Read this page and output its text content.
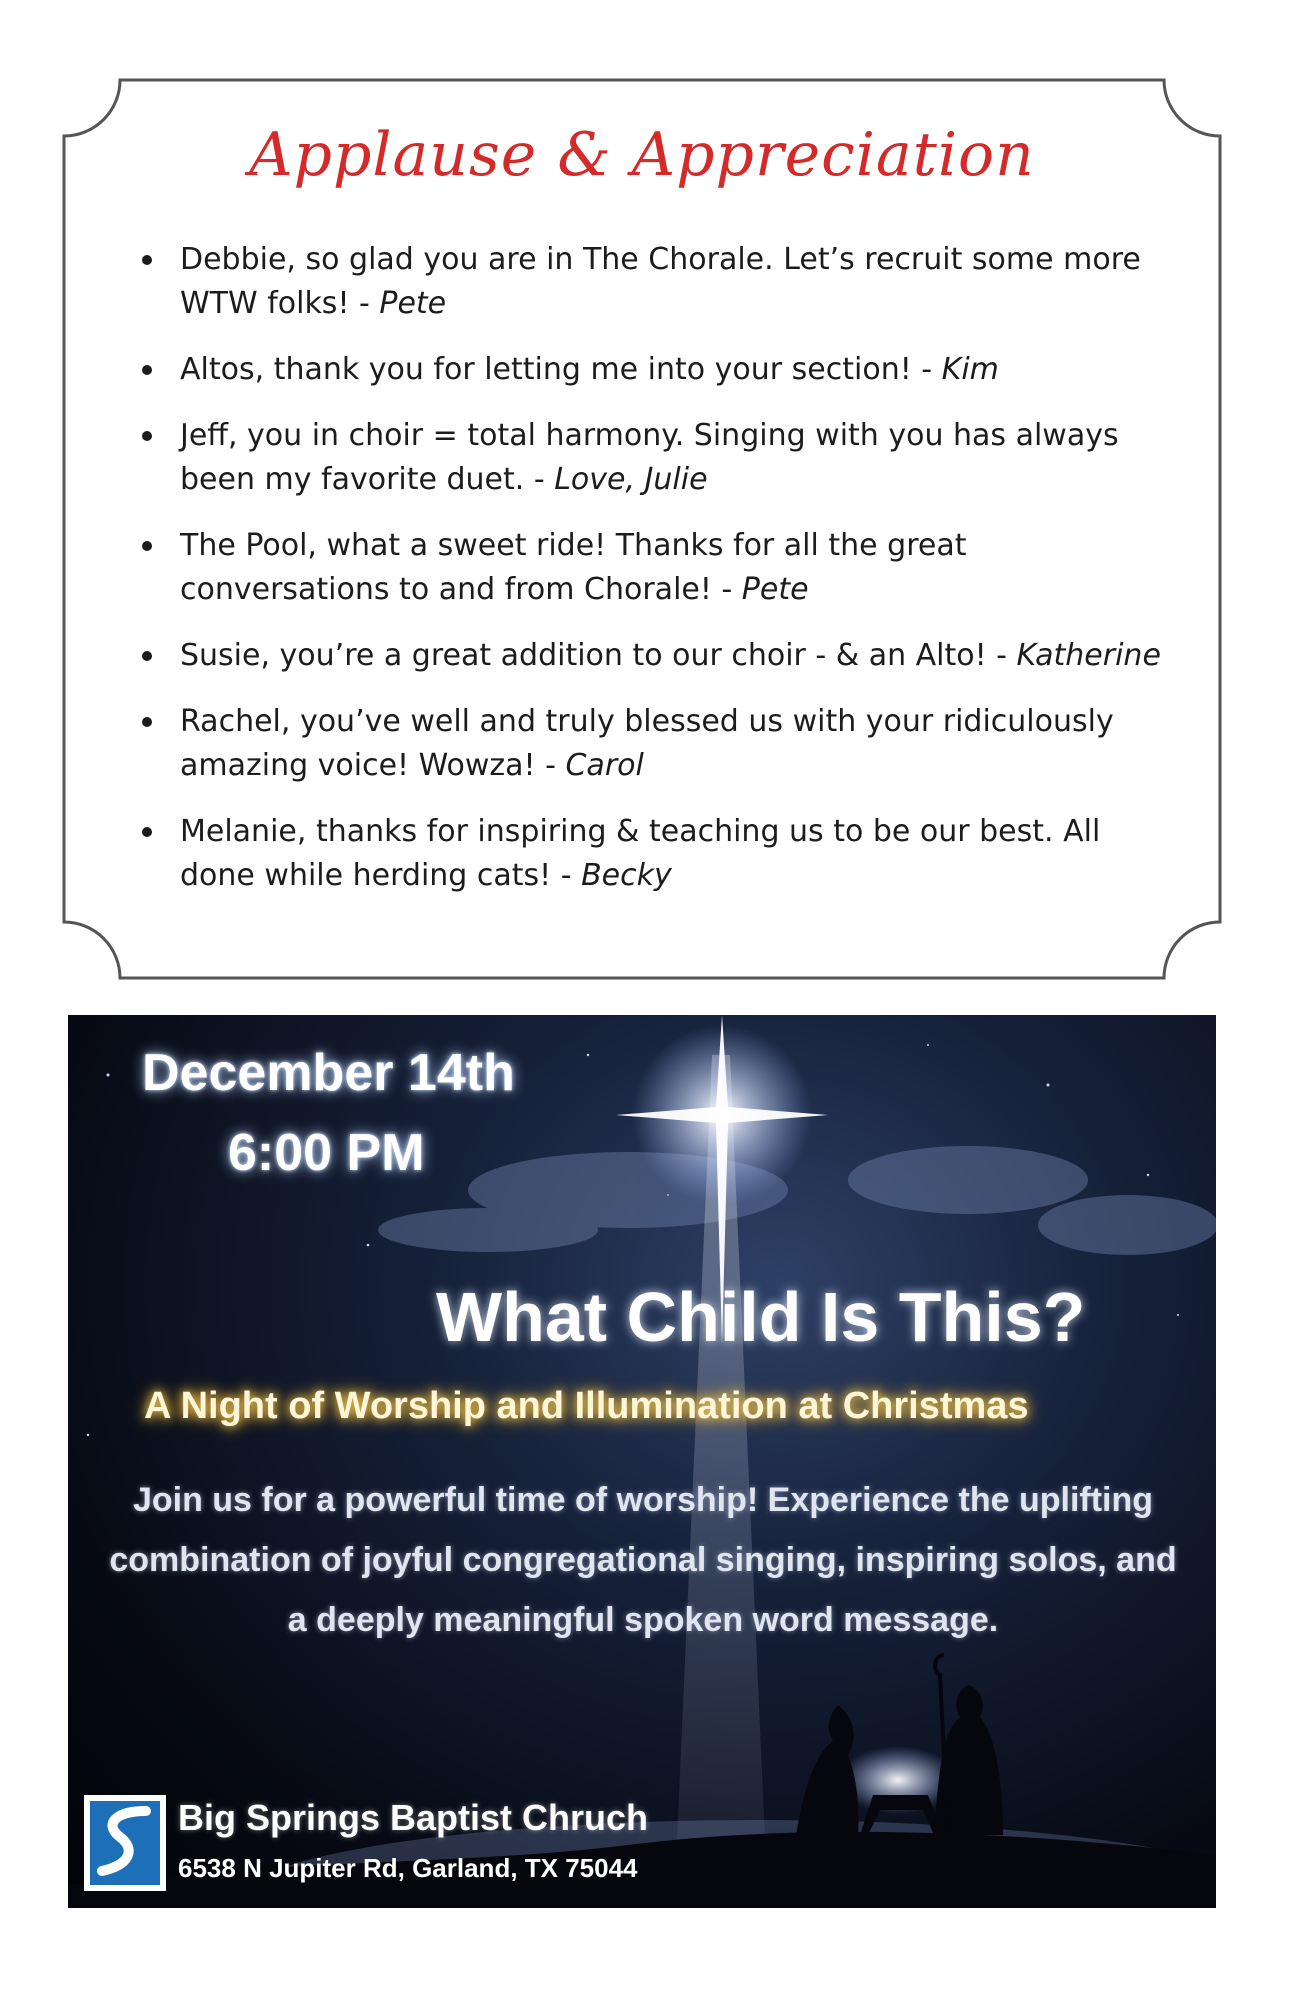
Applause & Appreciation
Debbie, so glad you are in The Chorale. Let’s recruit some more WTW folks! - Pete
Altos, thank you for letting me into your section! - Kim
Jeff, you in choir = total harmony. Singing with you has always been my favorite duet. - Love, Julie
The Pool, what a sweet ride! Thanks for all the great conversations to and from Chorale! - Pete
Susie, you’re a great addition to our choir - & an Alto! - Katherine
Rachel, you’ve well and truly blessed us with your ridiculously amazing voice! Wowza! - Carol
Melanie, thanks for inspiring & teaching us to be our best. All done while herding cats! - Becky
December 14th
6:00 PM
What Child Is This?
A Night of Worship and Illumination at Christmas
Join us for a powerful time of worship! Experience the uplifting combination of joyful congregational singing, inspiring solos, and a deeply meaningful spoken word message.
Big Springs Baptist Chruch
6538 N Jupiter Rd, Garland, TX 75044
